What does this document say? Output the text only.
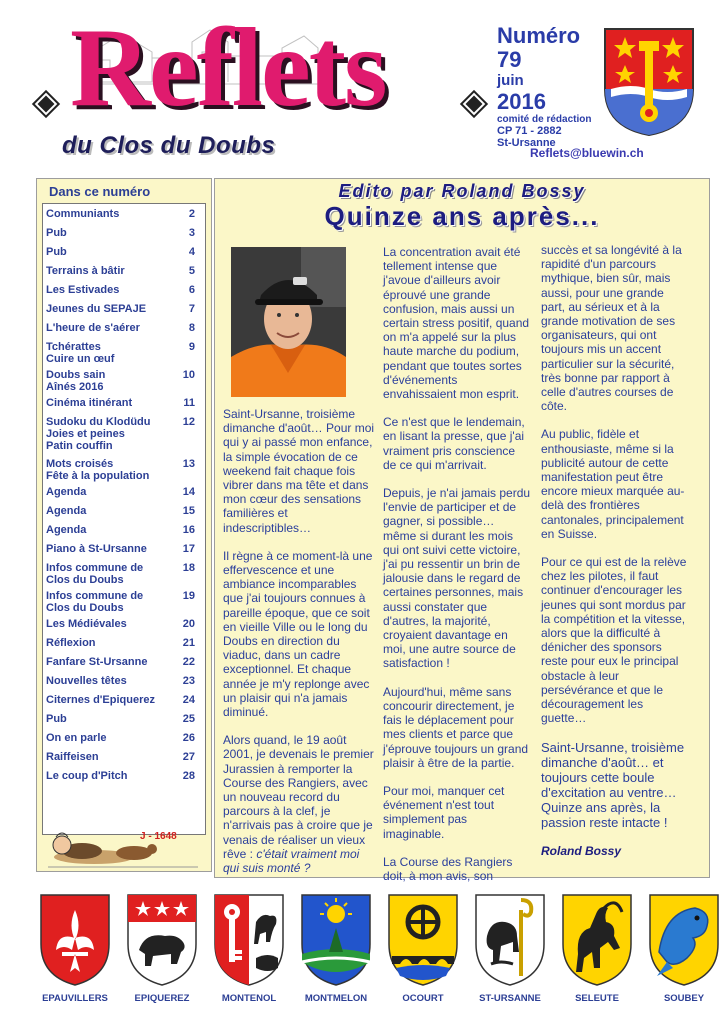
Reflets
du Clos du Doubs
Numéro
79
juin
2016
comité de rédaction
CP 71 - 2882
St-Ursanne
Reflets@bluewin.ch
Dans ce numéro
Communiants	2
Pub	3
Pub	4
Terrains à bâtir	5
Les Estivades	6
Jeunes du SEPAJE	7
L'heure de s'aérer	8
Tchérattes
Cuire un œuf
9
Doubs sain
Aînés 2016
10
Cinéma itinérant	11
Sudoku du Klodüdu
Joies et peines
Patin couffin
12
Mots croisés
Fête à la population
13
Agenda	14
Agenda	15
Agenda	16
Piano à St-Ursanne	17
Infos commune de
Clos du Doubs
18
Infos commune de
Clos du Doubs
19
Les Médiévales	20
Réflexion	21
Fanfare St-Ursanne	22
Nouvelles têtes	23
Citernes d'Epiquerez	24
Pub	25
On en parle	26
Raiffeisen	27
Le coup d'Pitch	28
J - 1648
Edito par Roland Bossy
Quinze ans après...

Saint-Ursanne, troisième dimanche d'août… Pour moi qui y ai passé mon enfance, la simple évocation de ce weekend fait chaque fois vibrer dans ma tête et dans mon cœur des sensations familières et indescriptibles…

Il règne à ce moment-là une effervescence et une ambiance incomparables que j'ai toujours connues à pareille époque, que ce soit en vieille Ville ou le long du Doubs en direction du viaduc, dans un cadre exceptionnel. Et chaque année je m'y replonge avec un plaisir qui n'a jamais diminué.

Alors quand, le 19 août 2001, je devenais le premier Jurassien à remporter la Course des Rangiers, avec un nouveau record du parcours à la clef, je n'arrivais pas à croire que je venais de réaliser un vieux rêve : c'était vraiment moi qui suis monté ?

La concentration avait été tellement intense que j'avoue d'ailleurs avoir éprouvé une grande confusion, mais aussi un certain stress positif, quand on m'a appelé sur la plus haute marche du podium, pendant que toutes sortes d'événements envahissaient mon esprit.

Ce n'est que le lendemain, en lisant la presse, que j'ai vraiment pris conscience de ce qui m'arrivait.

Depuis, je n'ai jamais perdu l'envie de participer et de gagner, si possible… même si durant les mois qui ont suivi cette victoire, j'ai pu ressentir un brin de jalousie dans le regard de certaines personnes, mais aussi constater que d'autres, la majorité, croyaient davantage en moi, une autre source de satisfaction !

Aujourd'hui, même sans concourir directement, je fais le déplacement pour mes clients et parce que j'éprouve toujours un grand plaisir à être de la partie.

Pour moi, manquer cet événement n'est tout simplement pas imaginable.

La Course des Rangiers doit, à mon avis, son

succès et sa longévité à la rapidité d'un parcours mythique, bien sûr, mais aussi, pour une grande part, au sérieux et à la grande motivation de ses organisateurs, qui ont toujours mis un accent particulier sur la sécurité, très bonne par rapport à celle d'autres courses de côte.

Au public, fidèle et enthousiaste, même si la publicité autour de cette manifestation peut être encore mieux marquée au-delà des frontières cantonales, principalement en Suisse.

Pour ce qui est de la relève chez les pilotes, il faut continuer d'encourager les jeunes qui sont mordus par la compétition et la vitesse, alors que la difficulté à dénicher des sponsors reste pour eux le principal obstacle à leur persévérance et que le découragement les guette…

Saint-Ursanne, troisième dimanche d'août… et toujours cette boule d'excitation au ventre… Quinze ans après, la passion reste intacte !

Roland Bossy
EPAUVILLERS	EPIQUEREZ	MONTENOL	MONTMELON	OCOURT	ST-URSANNE	SELEUTE	SOUBEY
